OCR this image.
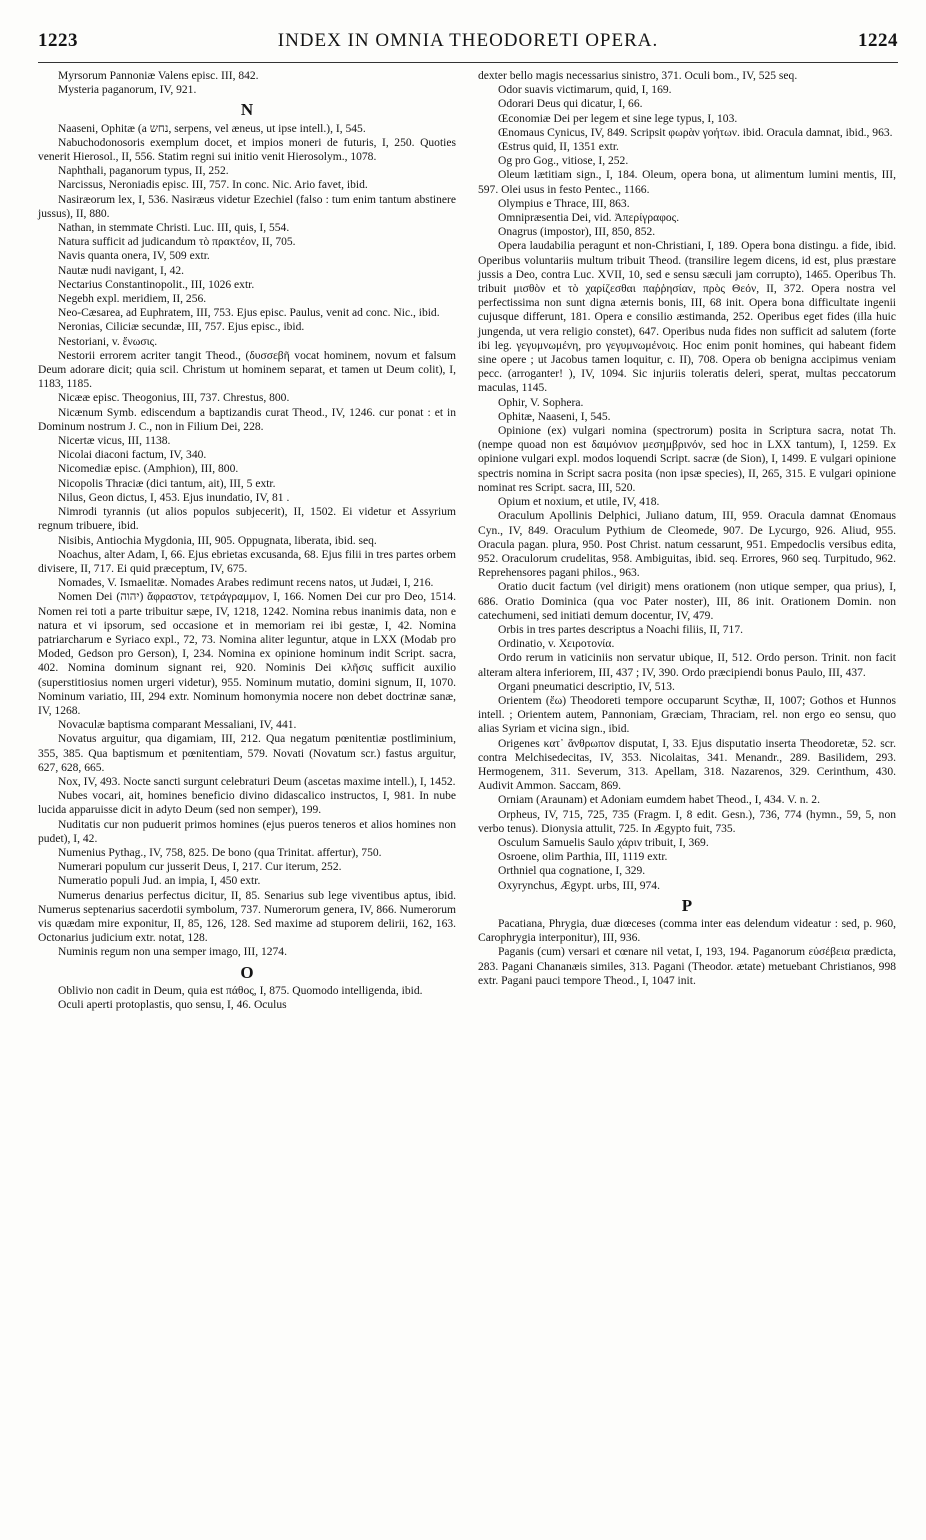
1223	INDEX IN OMNIA THEODORETI OPERA.	1224

Myrsorum Pannoniæ Valens episc. III, 842.

Mysteria paganorum, IV, 921.

N

Naaseni, Ophitæ (a נחש, serpens, vel æneus, ut ipse intell.), I, 545.

Nabuchodonosoris exemplum docet, et impios moneri de futuris, I, 250. Quoties venerit Hierosol., II, 556. Statim regni sui initio venit Hierosolym., 1078.

Naphthali, paganorum typus, II, 252.

Narcissus, Neroniadis episc. III, 757. In conc. Nic. Ario favet, ibid.

Nasiræorum lex, I, 536. Nasiræus videtur Ezechiel (falso : tum enim tantum abstinere jussus), II, 880.

Nathan, in stemmate Christi. Luc. III, quis, I, 554.

Natura sufficit ad judicandum τὸ πρακτέον, II, 705.

Navis quanta onera, IV, 509 extr.

Nautæ nudi navigant, I, 42.

Nectarius Constantinopolit., III, 1026 extr.

Negebh expl. meridiem, II, 256.

Neo-Cæsarea, ad Euphratem, III, 753. Ejus episc. Paulus, venit ad conc. Nic., ibid.

Neronias, Ciliciæ secundæ, III, 757. Ejus episc., ibid.

Nestoriani, v. ἔνωσις.

Nestorii errorem acriter tangit Theod., (δυσσεβῆ vocat hominem, novum et falsum Deum adorare dicit; quia scil. Christum ut hominem separat, et tamen ut Deum colit), I, 1183, 1185.

Nicææ episc. Theogonius, III, 737. Chrestus, 800.

Nicænum Symb. ediscendum a baptizandis curat Theod., IV, 1246. cur ponat : et in Dominum nostrum J. C., non in Filium Dei, 228.

Nicertæ vicus, III, 1138.

Nicolai diaconi factum, IV, 340.

Nicomediæ episc. (Amphion), III, 800.

Nicopolis Thraciæ (dici tantum, ait), III, 5 extr.

Nilus, Geon dictus, I, 453. Ejus inundatio, IV, 81 .

Nimrodi tyrannis (ut alios populos subjecerit), II, 1502. Ei videtur et Assyrium regnum tribuere, ibid.

Nisibis, Antiochia Mygdonia, III, 905. Oppugnata, liberata, ibid. seq.

Noachus, alter Adam, I, 66. Ejus ebrietas excusanda, 68. Ejus filii in tres partes orbem divisere, II, 717. Ei quid præceptum, IV, 675.

Nomades, V. Ismaelitæ. Nomades Arabes redimunt recens natos, ut Judæi, I, 216.

Nomen Dei (יהוה) ἄφραστον, τετράγραμμον, I, 166. Nomen Dei cur pro Deo, 1514. Nomen rei toti a parte tribuitur sæpe, IV, 1218, 1242. Nomina rebus inanimis data, non e natura et vi ipsorum, sed occasione et in memoriam rei ibi gestæ, I, 42. Nomina patriarcharum e Syriaco expl., 72, 73. Nomina aliter leguntur, atque in LXX (Modab pro Moded, Gedson pro Gerson), I, 234. Nomina ex opinione hominum indit Script. sacra, 402. Nomina dominum signant rei, 920. Nominis Dei κλῆσις sufficit auxilio (superstitiosius nomen urgeri videtur), 955. Nominum mutatio, domini signum, II, 1070. Nominum variatio, III, 294 extr. Nominum homonymia nocere non debet doctrinæ sanæ, IV, 1268.

Novaculæ baptisma comparant Messaliani, IV, 441.

Novatus arguitur, qua digamiam, III, 212. Qua negatum pœnitentiæ postliminium, 355, 385. Qua baptismum et pœnitentiam, 579. Novati (Novatum scr.) fastus arguitur, 627, 628, 665.

Nox, IV, 493. Nocte sancti surgunt celebraturi Deum (ascetas maxime intell.), I, 1452.

Nubes vocari, ait, homines beneficio divino didascalico instructos, I, 981. In nube lucida apparuisse dicit in adyto Deum (sed non semper), 199.

Nuditatis cur non puduerit primos homines (ejus pueros teneros et alios homines non pudet), I, 42.

Numenius Pythag., IV, 758, 825. De bono (qua Trinitat. affertur), 750.

Numerari populum cur jusserit Deus, I, 217. Cur iterum, 252.

Numeratio populi Jud. an impia, I, 450 extr.

Numerus denarius perfectus dicitur, II, 85. Senarius sub lege viventibus aptus, ibid. Numerus septenarius sacerdotii symbolum, 737. Numerorum genera, IV, 866. Numerorum vis quædam mire exponitur, II, 85, 126, 128. Sed maxime ad stuporem delirii, 162, 163. Octonarius judicium extr. notat, 128.

Numinis regum non una semper imago, III, 1274.

O

Oblivio non cadit in Deum, quia est πάθος, I, 875. Quomodo intelligenda, ibid.

Oculi aperti protoplastis, quo sensu, I, 46. Oculus

dexter bello magis necessarius sinistro, 371. Oculi bom., IV, 525 seq.

Odor suavis victimarum, quid, I, 169.

Odorari Deus qui dicatur, I, 66.

Œconomiæ Dei per legem et sine lege typus, I, 103.

Œnomaus Cynicus, IV, 849. Scripsit φωρὰν γοήτων. ibid. Oracula damnat, ibid., 963.

Œstrus quid, II, 1351 extr.

Og pro Gog., vitiose, I, 252.

Oleum lætitiam sign., I, 184. Oleum, opera bona, ut alimentum lumini mentis, III, 597. Olei usus in festo Pentec., 1166.

Olympius e Thrace, III, 863.

Omnipræsentia Dei, vid. Ἀπερίγραφος.

Onagrus (impostor), III, 850, 852.

Opera laudabilia peragunt et non-Christiani, I, 189. Opera bona distingu. a fide, ibid. Operibus voluntariis multum tribuit Theod. (transilire legem dicens, id est, plus præstare jussis a Deo, contra Luc. XVII, 10, sed e sensu sæculi jam corrupto), 1465. Operibus Th. tribuit μισθὸν et τὸ χαρίζεσθαι παῤῥησίαν, πρὸς Θεόν, II, 372. Opera nostra vel perfectissima non sunt digna æternis bonis, III, 68 init. Opera bona difficultate ingenii cujusque differunt, 181. Opera e consilio æstimanda, 252. Operibus eget fides (illa huic jungenda, ut vera religio constet), 647. Operibus nuda fides non sufficit ad salutem (forte ibi leg. γεγυμνωμένη, pro γεγυμνωμένοις. Hoc enim ponit homines, qui habeant fidem sine opere ; ut Jacobus tamen loquitur, c. II), 708. Opera ob benigna accipimus veniam pecc. (arroganter! ), IV, 1094. Sic injuriis toleratis deleri, sperat, multas peccatorum maculas, 1145.

Ophir, V. Sophera.

Ophitæ, Naaseni, I, 545.

Opinione (ex) vulgari nomina (spectrorum) posita in Scriptura sacra, notat Th. (nempe quoad non est δαιμόνιον μεσημβρινόν, sed hoc in LXX tantum), I, 1259. Ex opinione vulgari expl. modos loquendi Script. sacræ (de Sion), I, 1499. E vulgari opinione spectris nomina in Script sacra posita (non ipsæ species), II, 265, 315. E vulgari opinione nominat res Script. sacra, III, 520.

Opium et noxium, et utile, IV, 418.

Oraculum Apollinis Delphici, Juliano datum, III, 959. Oracula damnat Œnomaus Cyn., IV, 849. Oraculum Pythium de Cleomede, 907. De Lycurgo, 926. Aliud, 955. Oracula pagan. plura, 950. Post Christ. natum cessarunt, 951. Empedoclis versibus edita, 952. Oraculorum crudelitas, 958. Ambiguitas, ibid. seq. Errores, 960 seq. Turpitudo, 962. Reprehensores pagani philos., 963.

Oratio ducit factum (vel dirigit) mens orationem (non utique semper, qua prius), I, 686. Oratio Dominica (qua voc Pater noster), III, 86 init. Orationem Domin. non catechumeni, sed initiati demum docentur, IV, 479.

Orbis in tres partes descriptus a Noachi filiis, II, 717.

Ordinatio, v. Χειροτονία.

Ordo rerum in vaticiniis non servatur ubique, II, 512. Ordo person. Trinit. non facit alteram altera inferiorem, III, 437 ; IV, 390. Ordo præcipiendi bonus Paulo, III, 437.

Organi pneumatici descriptio, IV, 513.

Orientem (ἕω) Theodoreti tempore occuparunt Scythæ, II, 1007; Gothos et Hunnos intell. ; Orientem autem, Pannoniam, Græciam, Thraciam, rel. non ergo eo sensu, quo alias Syriam et vicina sign., ibid.

Origenes κατ᾽ ἄνθρωπον disputat, I, 33. Ejus disputatio inserta Theodoretæ, 52. scr. contra Melchisedecitas, IV, 353. Nicolaitas, 341. Menandr., 289. Basilidem, 293. Hermogenem, 311. Severum, 313. Apellam, 318. Nazarenos, 329. Cerinthum, 430. Audivit Ammon. Saccam, 869.

Orniam (Araunam) et Adoniam eumdem habet Theod., I, 434. V. n. 2.

Orpheus, IV, 715, 725, 735 (Fragm. I, 8 edit. Gesn.), 736, 774 (hymn., 59, 5, non verbo tenus). Dionysia attulit, 725. In Ægypto fuit, 735.

Osculum Samuelis Saulo χάριν tribuit, I, 369.

Osroene, olim Parthia, III, 1119 extr.

Orthniel qua cognatione, I, 329.

Oxyrynchus, Ægypt. urbs, III, 974.

P

Pacatiana, Phrygia, duæ diœceses (comma inter eas delendum videatur : sed, p. 960, Carophrygia interponitur), III, 936.

Paganis (cum) versari et cœnare nil vetat, I, 193, 194. Paganorum εὐσέβεια prædicta, 283. Pagani Chananæis similes, 313. Pagani (Theodor. ætate) metuebant Christianos, 998 extr. Pagani pauci tempore Theod., I, 1047 init.
